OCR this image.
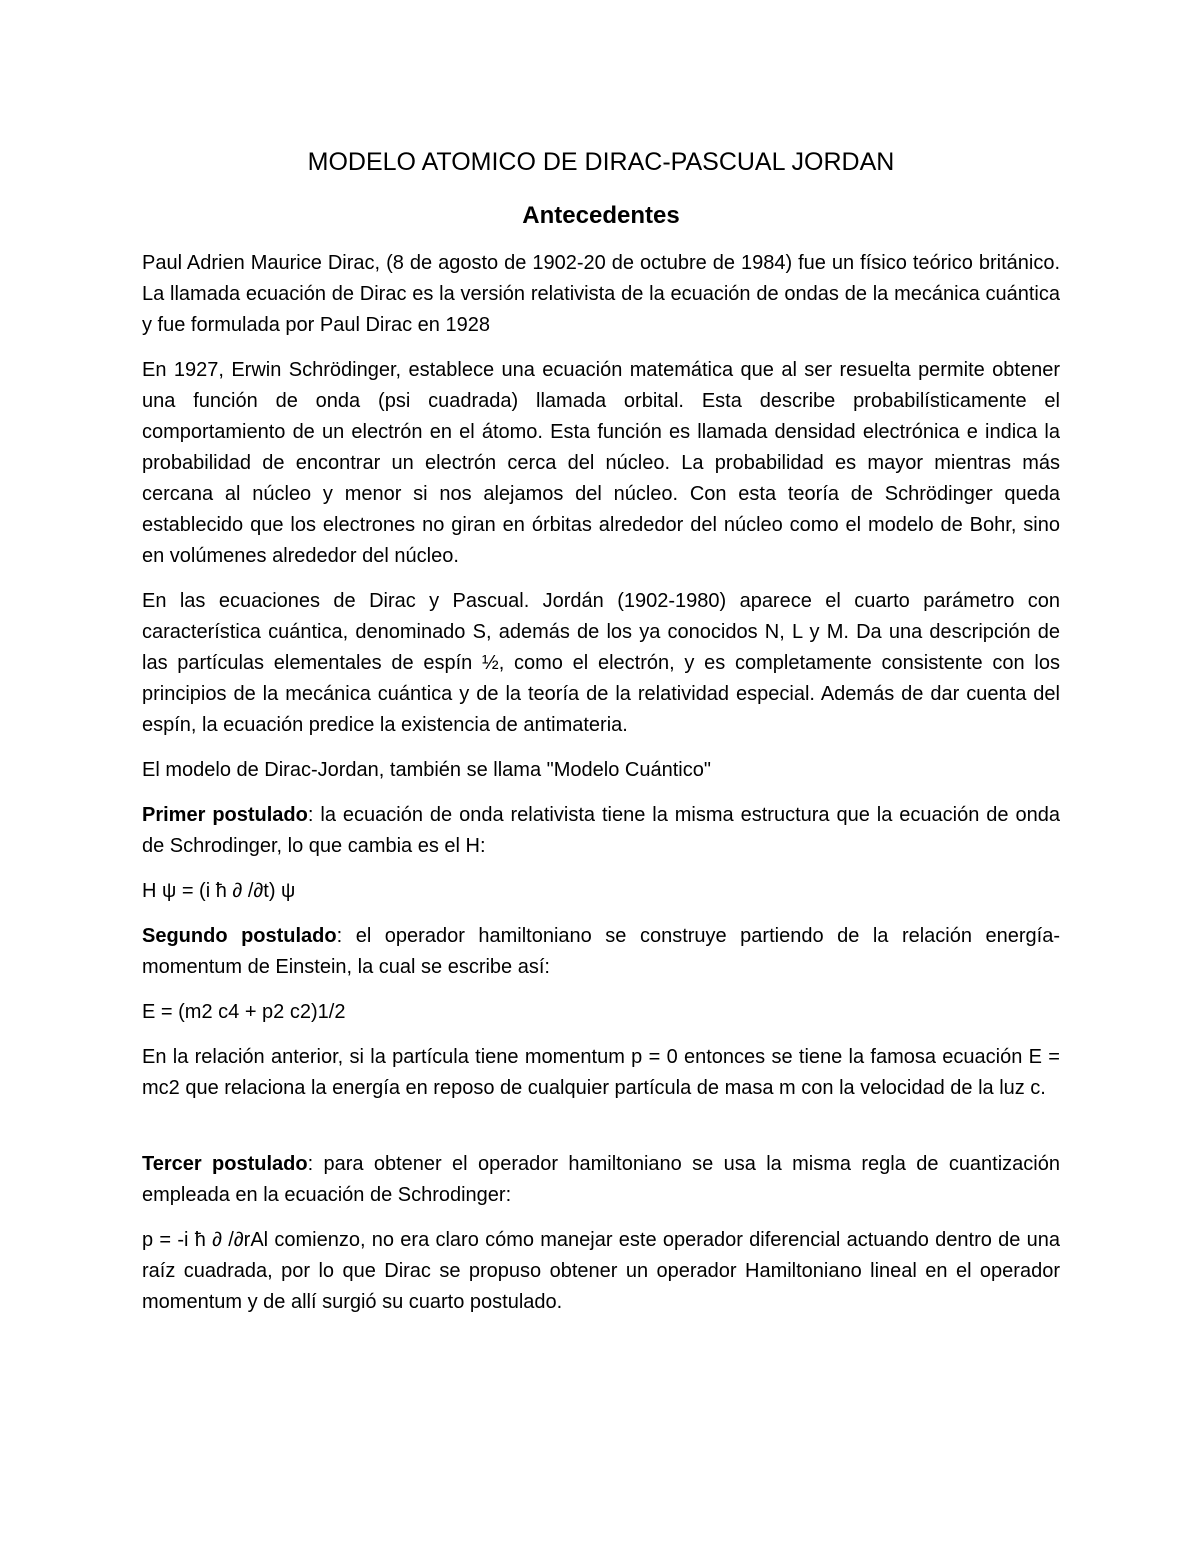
MODELO ATOMICO DE DIRAC-PASCUAL JORDAN
Antecedentes

Paul Adrien Maurice Dirac, (8 de agosto de 1902-20 de octubre de 1984) fue un físico teórico británico. La llamada ecuación de Dirac es la versión relativista de la ecuación de ondas de la mecánica cuántica y fue formulada por Paul Dirac en 1928

En 1927, Erwin Schrödinger, establece una ecuación matemática que al ser resuelta permite obtener una función de onda (psi cuadrada) llamada orbital. Esta describe probabilísticamente el comportamiento de un electrón en el átomo. Esta función es llamada densidad electrónica e indica la probabilidad de encontrar un electrón cerca del núcleo. La probabilidad es mayor mientras más cercana al núcleo y menor si nos alejamos del núcleo. Con esta teoría de Schrödinger queda establecido que los electrones no giran en órbitas alrededor del núcleo como el modelo de Bohr, sino en volúmenes alrededor del núcleo.

En las ecuaciones de Dirac y Pascual. Jordán (1902-1980) aparece el cuarto parámetro con característica cuántica, denominado S, además de los ya conocidos N, L y M. Da una descripción de las partículas elementales de espín ½, como el electrón, y es completamente consistente con los principios de la mecánica cuántica y de la teoría de la relatividad especial. Además de dar cuenta del espín, la ecuación predice la existencia de antimateria.

El modelo de Dirac-Jordan, también se llama "Modelo Cuántico"

Primer postulado: la ecuación de onda relativista tiene la misma estructura que la ecuación de onda de Schrodinger, lo que cambia es el H:

H ψ = (i ħ ∂ /∂t) ψ

Segundo postulado: el operador hamiltoniano se construye partiendo de la relación energía-momentum de Einstein, la cual se escribe así:

E = (m2 c4 + p2 c2)1/2

En la relación anterior, si la partícula tiene momentum p = 0 entonces se tiene la famosa ecuación E = mc2 que relaciona la energía en reposo de cualquier partícula de masa m con la velocidad de la luz c.

Tercer postulado: para obtener el operador hamiltoniano se usa la misma regla de cuantización empleada en la ecuación de Schrodinger:

p = -i ħ ∂ /∂rAl comienzo, no era claro cómo manejar este operador diferencial actuando dentro de una raíz cuadrada, por lo que Dirac se propuso obtener un operador Hamiltoniano lineal en el operador momentum y de allí surgió su cuarto postulado.
